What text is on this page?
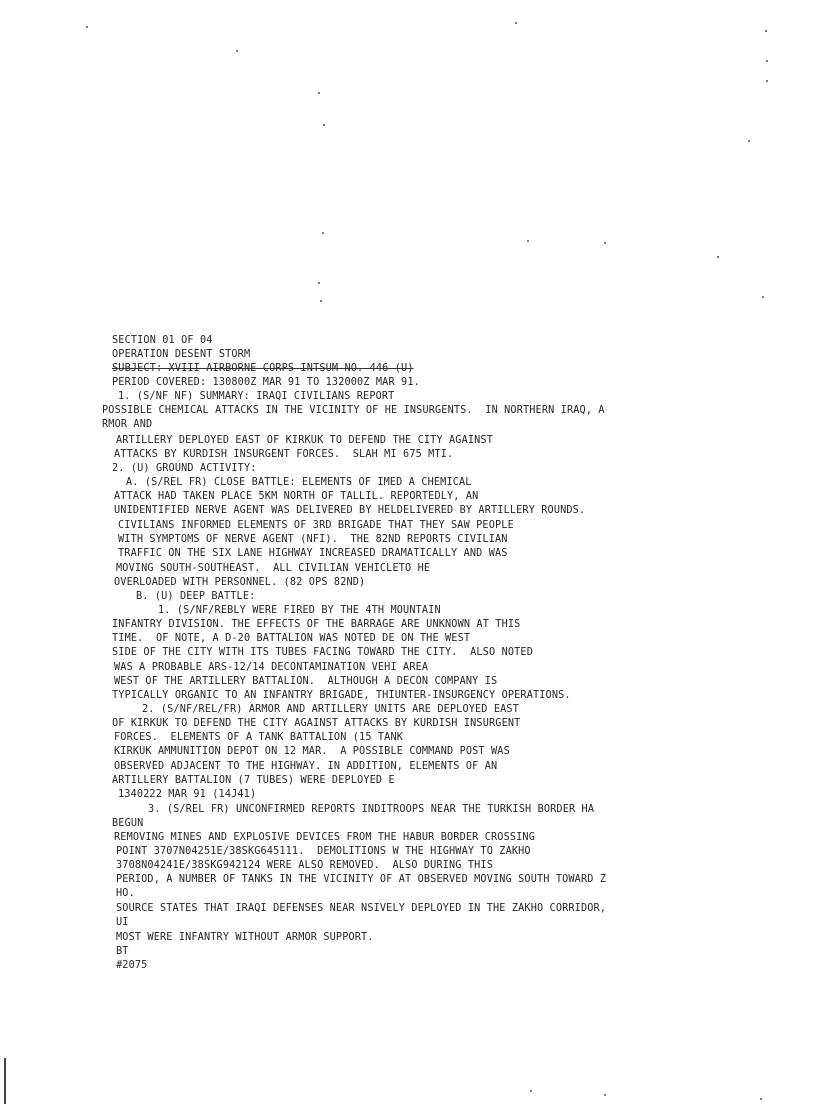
SECTION 01 OF 04
OPERATION DESENT STORM
SUBJECT: XVIII AIRBORNE CORPS INTSUM NO. 446 (U)
PERIOD COVERED: 130800Z MAR 91 TO 132000Z MAR 91.
1. (S/NF NF) SUMMARY: IRAQI CIVILIANS REPORT
POSSIBLE CHEMICAL ATTACKS IN THE VICINITY OF HE INSURGENTS.  IN NORTHERN IRAQ, A
RMOR AND
ARTILLERY DEPLOYED EAST OF KIRKUK TO DEFEND THE CITY AGAINST
ATTACKS BY KURDISH INSURGENT FORCES.  SLAH MI 675 MTI.
2. (U) GROUND ACTIVITY:
A. (S/REL FR) CLOSE BATTLE: ELEMENTS OF IMED A CHEMICAL
ATTACK HAD TAKEN PLACE 5KM NORTH OF TALLIL. REPORTEDLY, AN
UNIDENTIFIED NERVE AGENT WAS DELIVERED BY HELDELIVERED BY ARTILLERY ROUNDS.
CIVILIANS INFORMED ELEMENTS OF 3RD BRIGADE THAT THEY SAW PEOPLE
WITH SYMPTOMS OF NERVE AGENT (NFI).  THE 82ND REPORTS CIVILIAN
TRAFFIC ON THE SIX LANE HIGHWAY INCREASED DRAMATICALLY AND WAS
MOVING SOUTH-SOUTHEAST.  ALL CIVILIAN VEHICLETO HE
OVERLOADED WITH PERSONNEL. (82 OPS 82ND)
B. (U) DEEP BATTLE:
1. (S/NF/REBLY WERE FIRED BY THE 4TH MOUNTAIN
INFANTRY DIVISION. THE EFFECTS OF THE BARRAGE ARE UNKNOWN AT THIS
TIME.  OF NOTE, A D-20 BATTALION WAS NOTED DE ON THE WEST
SIDE OF THE CITY WITH ITS TUBES FACING TOWARD THE CITY.  ALSO NOTED
WAS A PROBABLE ARS-12/14 DECONTAMINATION VEHI AREA
WEST OF THE ARTILLERY BATTALION.  ALTHOUGH A DECON COMPANY IS
TYPICALLY ORGANIC TO AN INFANTRY BRIGADE, THIUNTER-INSURGENCY OPERATIONS.
2. (S/NF/REL/FR) ARMOR AND ARTILLERY UNITS ARE DEPLOYED EAST
OF KIRKUK TO DEFEND THE CITY AGAINST ATTACKS BY KURDISH INSURGENT
FORCES.  ELEMENTS OF A TANK BATTALION (15 TANK
KIRKUK AMMUNITION DEPOT ON 12 MAR.  A POSSIBLE COMMAND POST WAS
OBSERVED ADJACENT TO THE HIGHWAY. IN ADDITION, ELEMENTS OF AN
ARTILLERY BATTALION (7 TUBES) WERE DEPLOYED E
1340222 MAR 91 (14J41)
3. (S/REL FR) UNCONFIRMED REPORTS INDITROOPS NEAR THE TURKISH BORDER HA
BEGUN
REMOVING MINES AND EXPLOSIVE DEVICES FROM THE HABUR BORDER CROSSING
POINT 3707N04251E/38SKG645111.  DEMOLITIONS W THE HIGHWAY TO ZAKHO
3708N04241E/38SKG942124 WERE ALSO REMOVED.  ALSO DURING THIS
PERIOD, A NUMBER OF TANKS IN THE VICINITY OF AT OBSERVED MOVING SOUTH TOWARD Z
HO.
SOURCE STATES THAT IRAQI DEFENSES NEAR NSIVELY DEPLOYED IN THE ZAKHO CORRIDOR,
UI
MOST WERE INFANTRY WITHOUT ARMOR SUPPORT.
BT
#2075
